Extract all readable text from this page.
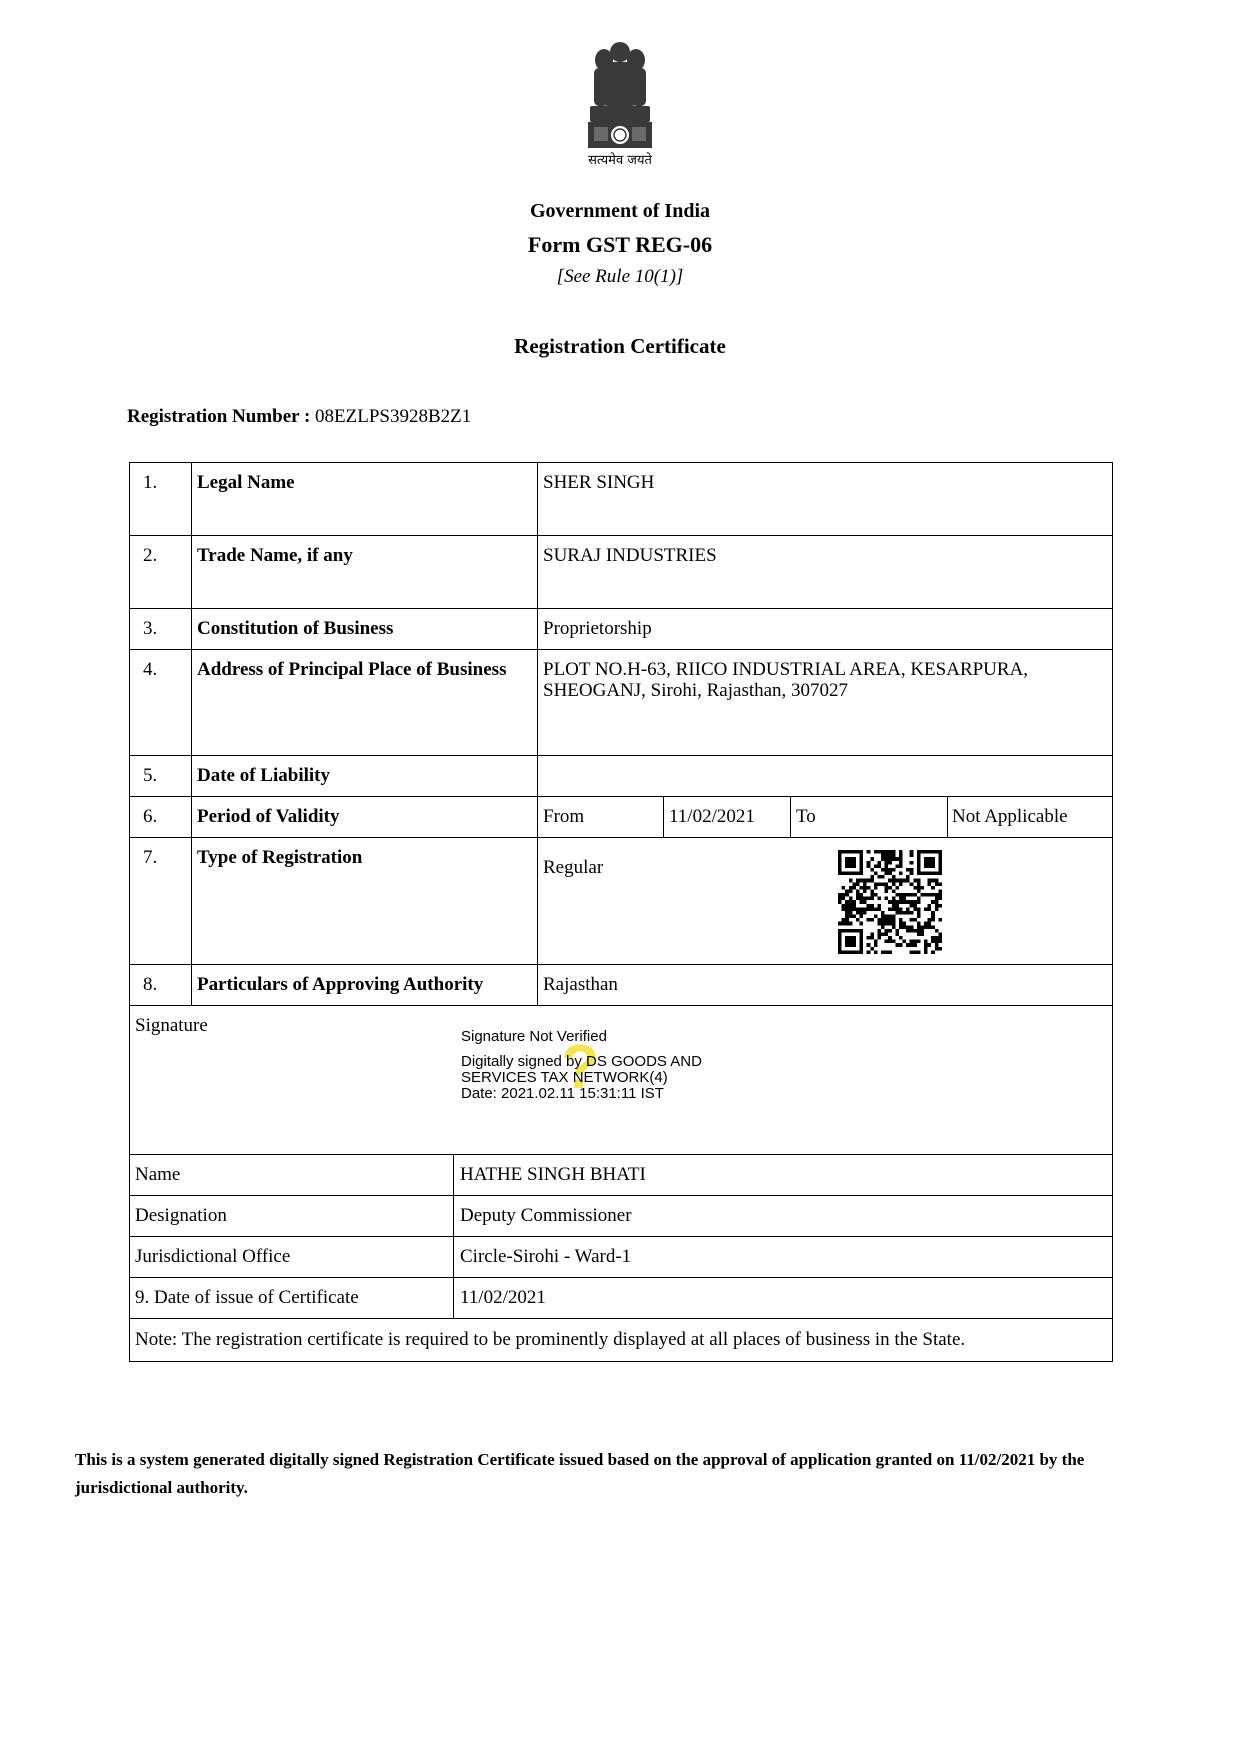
सत्यमेव जयते
Government of India
Form GST REG-06
[See Rule 10(1)]
Registration Certificate
Registration Number : 08EZLPS3928B2Z1
1. Legal Name	SHER SINGH
2. Trade Name, if any	SURAJ INDUSTRIES
3. Constitution of Business	Proprietorship
4. Address of Principal Place of Business	PLOT NO.H-63, RIICO INDUSTRIAL AREA, KESARPURA, SHEOGANJ, Sirohi, Rajasthan, 307027
5. Date of Liability
6. Period of Validity	From	11/02/2021 To	Not Applicable
7. Type of Registration	Regular
8. Particulars of Approving Authority	Rajasthan
Signature
Name	HATHE SINGH BHATI
Designation	Deputy Commissioner
Jurisdictional Office	Circle-Sirohi - Ward-1
9. Date of issue of Certificate	11/02/2021
Note: The registration certificate is required to be prominently displayed at all places of business in the State.
?
Signature Not Verified
Digitally signed by DS GOODS AND
SERVICES TAX NETWORK(4)
Date: 2021.02.11 15:31:11 IST
This is a system generated digitally signed Registration Certificate issued based on the approval of application granted on 11/02/2021 by the jurisdictional authority.
